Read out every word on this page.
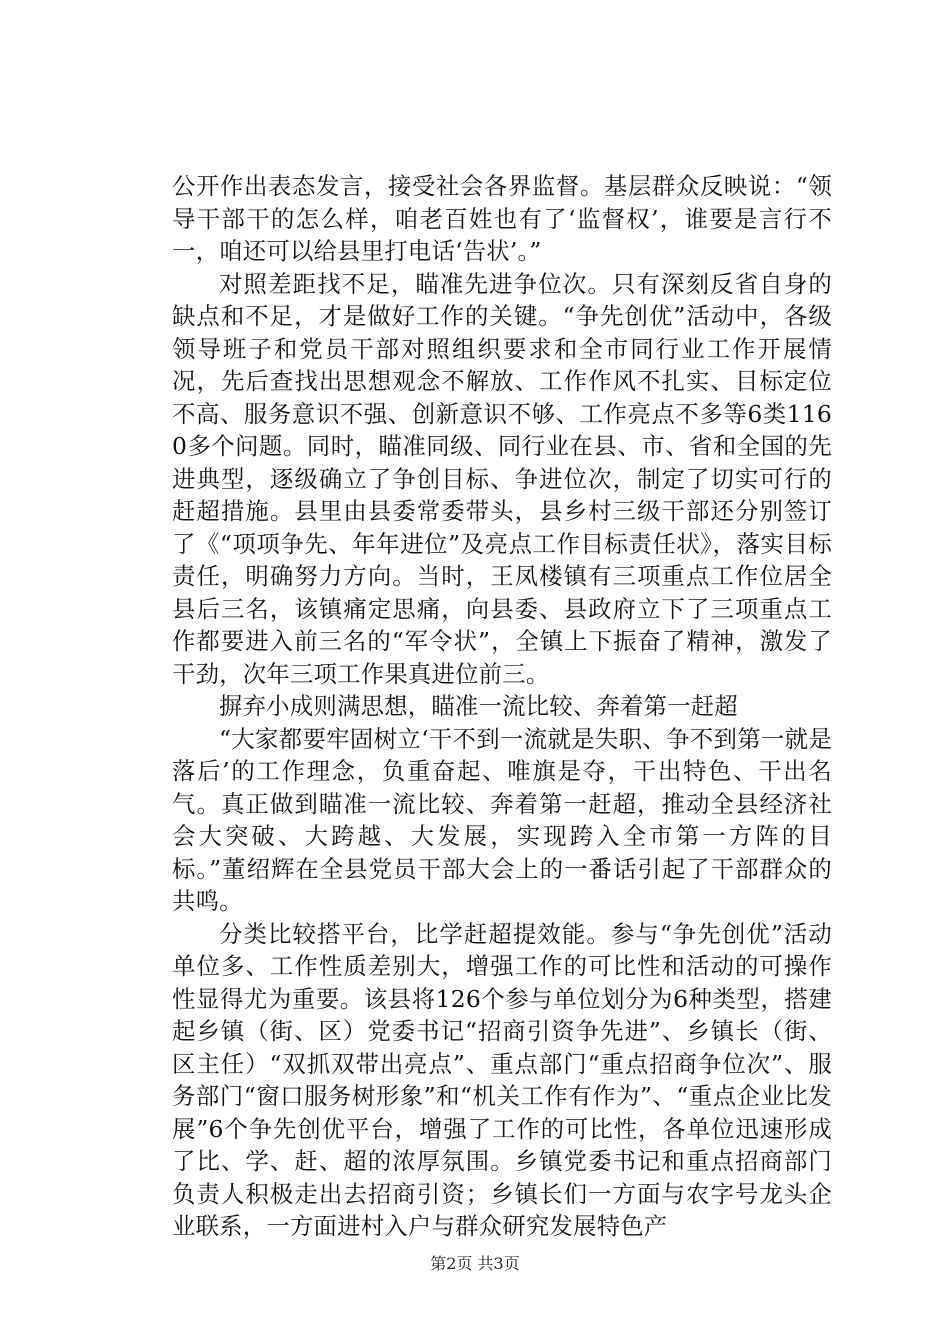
公开作出表态发言，接受社会各界监督。基层群众反映说：“领导干部干的怎么样，咱老百姓也有了‘监督权’，谁要是言行不一，咱还可以给县里打电话‘告状’。”

对照差距找不足，瞄准先进争位次。只有深刻反省自身的缺点和不足，才是做好工作的关键。“争先创优”活动中，各级领导班子和党员干部对照组织要求和全市同行业工作开展情况，先后查找出思想观念不解放、工作作风不扎实、目标定位不高、服务意识不强、创新意识不够、工作亮点不多等6类1160多个问题。同时，瞄准同级、同行业在县、市、省和全国的先进典型，逐级确立了争创目标、争进位次，制定了切实可行的赶超措施。县里由县委常委带头，县乡村三级干部还分别签订了《“项项争先、年年进位”及亮点工作目标责任状》，落实目标责任，明确努力方向。当时，王凤楼镇有三项重点工作位居全县后三名，该镇痛定思痛，向县委、县政府立下了三项重点工作都要进入前三名的“军令状”，全镇上下振奋了精神，激发了干劲，次年三项工作果真进位前三。

摒弃小成则满思想，瞄准一流比较、奔着第一赶超

“大家都要牢固树立‘干不到一流就是失职、争不到第一就是落后’的工作理念，负重奋起、唯旗是夺，干出特色、干出名气。真正做到瞄准一流比较、奔着第一赶超，推动全县经济社会大突破、大跨越、大发展，实现跨入全市第一方阵的目标。”董绍辉在全县党员干部大会上的一番话引起了干部群众的共鸣。

分类比较搭平台，比学赶超提效能。参与“争先创优”活动单位多、工作性质差别大，增强工作的可比性和活动的可操作性显得尤为重要。该县将126个参与单位划分为6种类型，搭建起乡镇（街、区）党委书记“招商引资争先进”、乡镇长（街、区主任）“双抓双带出亮点”、重点部门“重点招商争位次”、服务部门“窗口服务树形象”和“机关工作有作为”、“重点企业比发展”6个争先创优平台，增强了工作的可比性，各单位迅速形成了比、学、赶、超的浓厚氛围。乡镇党委书记和重点招商部门负责人积极走出去招商引资；乡镇长们一方面与农字号龙头企业联系，一方面进村入户与群众研究发展特色产

第2页 共3页
